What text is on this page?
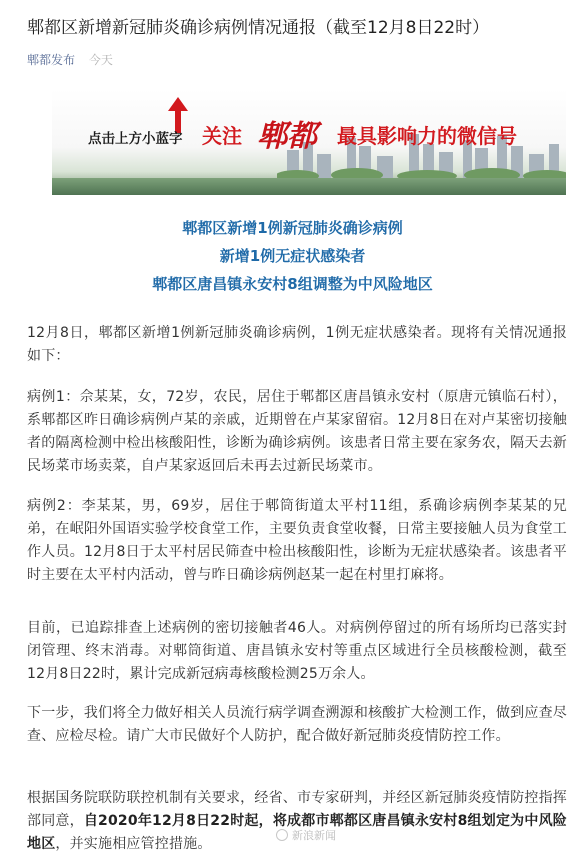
郫都区新增新冠肺炎确诊病例情况通报（截至12月8日22时）
郫都发布 今天
点击上方小蓝字 关注 郫都 最具影响力的微信号
郫都区新增1例新冠肺炎确诊病例
新增1例无症状感染者
郫都区唐昌镇永安村8组调整为中风险地区

12月8日，郫都区新增1例新冠肺炎确诊病例，1例无症状感染者。现将有关情况通报如下：

病例1：佘某某，女，72岁，农民，居住于郫都区唐昌镇永安村（原唐元镇临石村），系郫都区昨日确诊病例卢某的亲戚，近期曾在卢某家留宿。12月8日在对卢某密切接触者的隔离检测中检出核酸阳性，诊断为确诊病例。该患者日常主要在家务农，隔天去新民场菜市场卖菜，自卢某家返回后未再去过新民场菜市。

病例2：李某某，男，69岁，居住于郫筒街道太平村11组，系确诊病例李某某的兄弟，在岷阳外国语实验学校食堂工作，主要负责食堂收餐，日常主要接触人员为食堂工作人员。12月8日于太平村居民筛查中检出核酸阳性，诊断为无症状感染者。该患者平时主要在太平村内活动，曾与昨日确诊病例赵某一起在村里打麻将。

目前，已追踪排查上述病例的密切接触者46人。对病例停留过的所有场所均已落实封闭管理、终末消毒。对郫筒街道、唐昌镇永安村等重点区域进行全员核酸检测，截至12月8日22时，累计完成新冠病毒核酸检测25万余人。

下一步，我们将全力做好相关人员流行病学调查溯源和核酸扩大检测工作，做到应查尽查、应检尽检。请广大市民做好个人防护，配合做好新冠肺炎疫情防控工作。

根据国务院联防联控机制有关要求，经省、市专家研判，并经区新冠肺炎疫情防控指挥部同意，自2020年12月8日22时起，将成都市郫都区唐昌镇永安村8组划定为中风险地区，并实施相应管控措施。

新浪新闻
